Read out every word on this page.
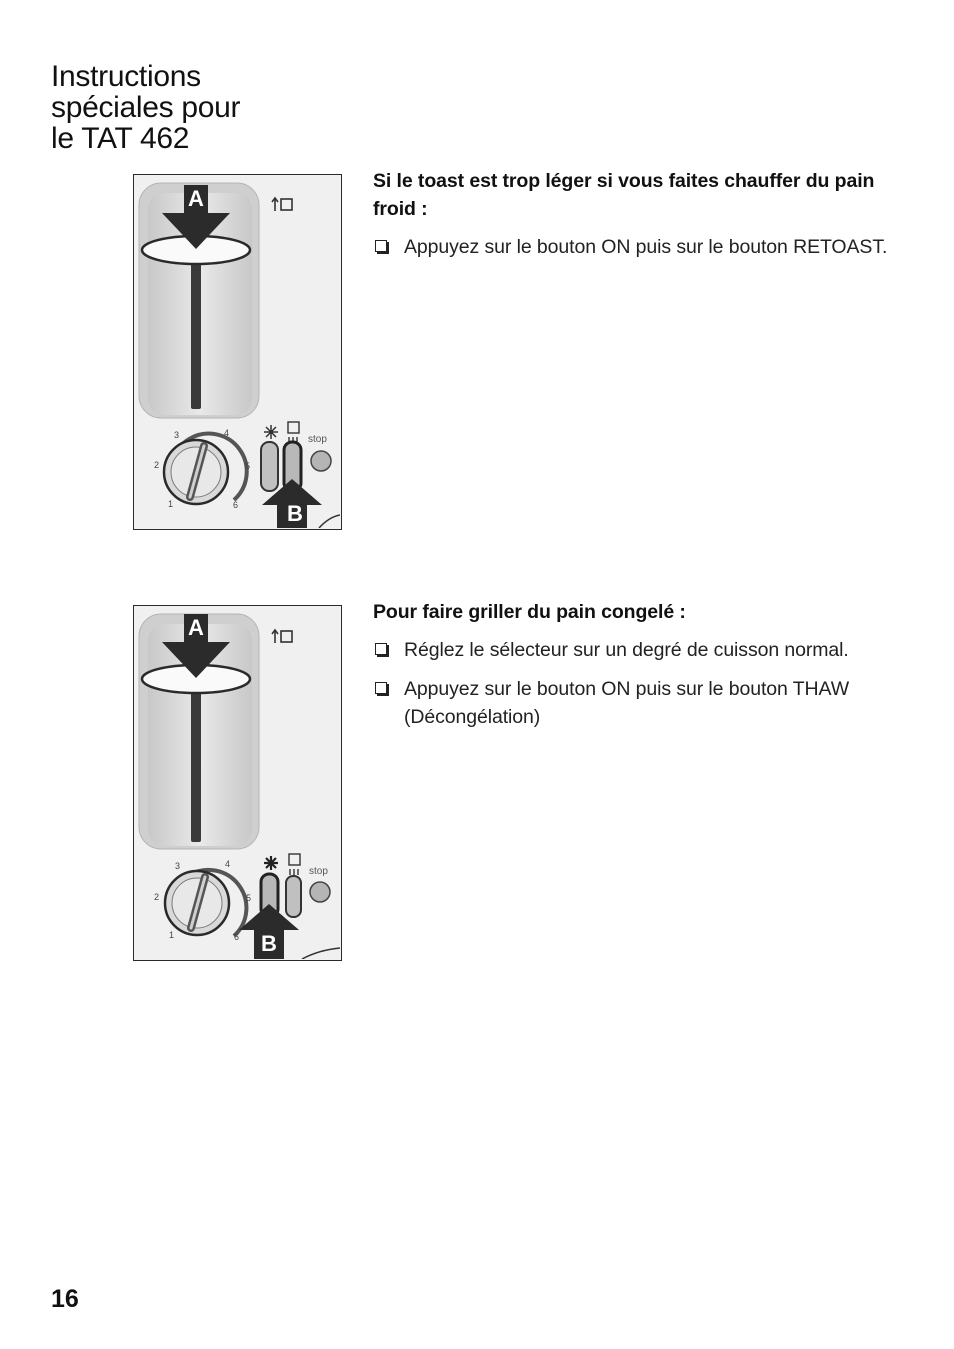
Instructions
spéciales pour
le TAT 462
A
1
2
3	4
5
6
stop
B

Si le toast est trop léger si vous faites chauffer du pain froid :

Appuyez sur le bouton ON puis sur le bouton RETOAST.
A
1
2
3	4
5
6
stop
B

Pour faire griller du pain congelé :

Réglez le sélecteur sur un degré de cuisson normal.
Appuyez sur le bouton ON puis sur le bouton THAW (Décongélation)
16
